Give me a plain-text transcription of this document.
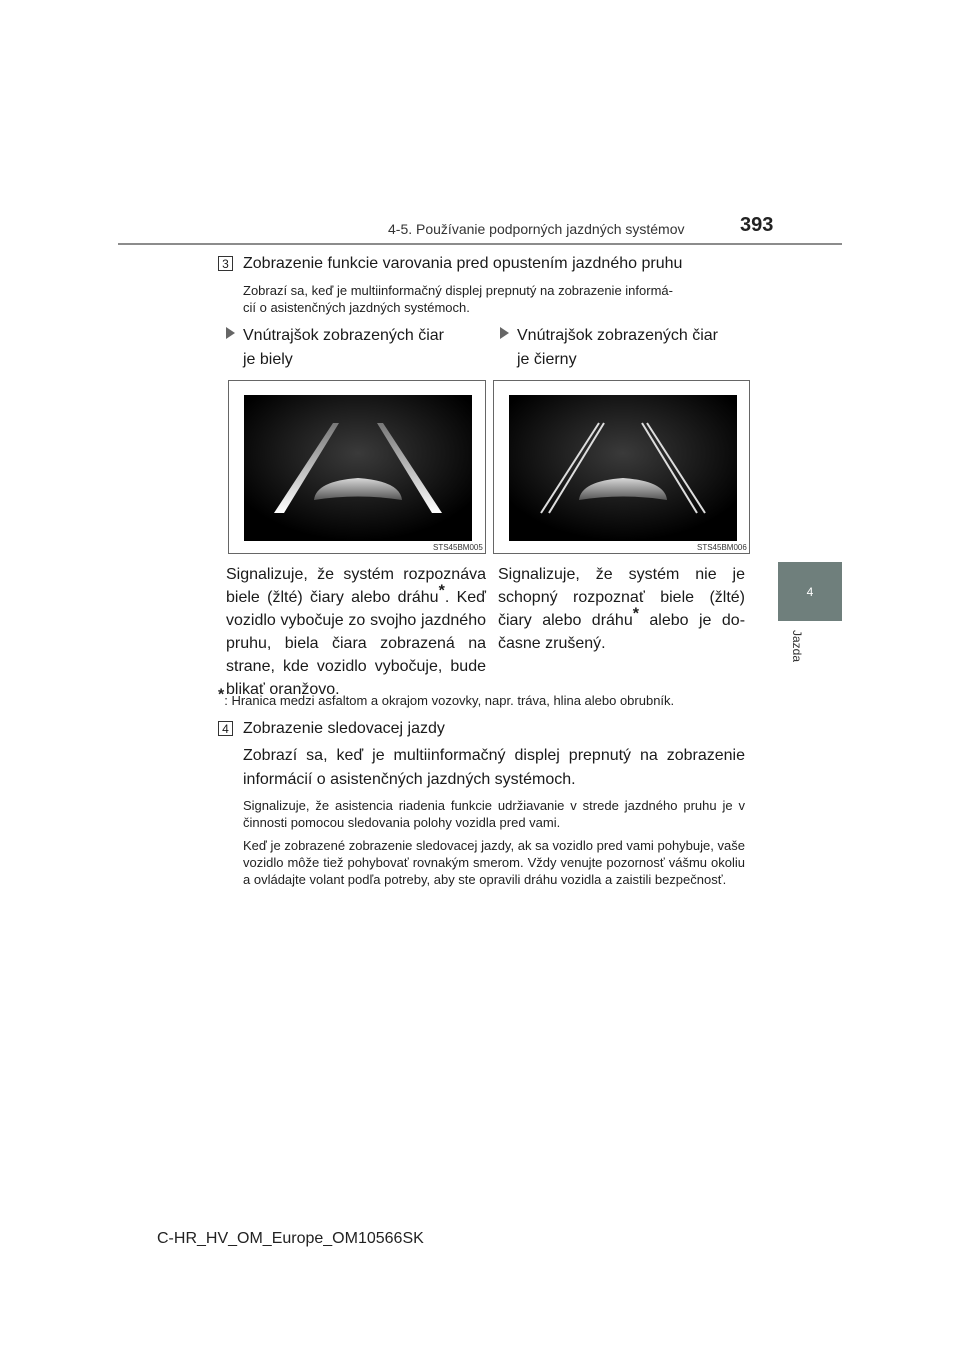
4-5. Používanie podporných jazdných systémov	393
4
Jazda
3 Zobrazenie funkcie varovania pred opustením jazdného pruhu
Zobrazí sa, keď je multiinformačný displej prepnutý na zobrazenie informá-
cií o asistenčných jazdných systémoch.
Vnútrajšok zobrazených čiar
je biely
Vnútrajšok zobrazených čiar
je čierny
STS45BM005	STS45BM006
Signalizuje, že systém rozpoznáva biele (žlté) čiary alebo dráhu*. Keď vozidlo vybočuje zo svojho jazdného pruhu, biela čiara zobrazená na strane, kde vozidlo vybočuje, bude blikať oranžovo.
Signalizuje, že systém nie je schopný rozpoznať biele (žlté) čiary alebo dráhu* alebo je dočasne zrušený.
*: Hranica medzi asfaltom a okrajom vozovky, napr. tráva, hlina alebo obrubník.
4 Zobrazenie sledovacej jazdy
Zobrazí sa, keď je multiinformačný displej prepnutý na zobrazenie informácií o asistenčných jazdných systémoch.
Signalizuje, že asistencia riadenia funkcie udržiavanie v strede jazdného pruhu je v činnosti pomocou sledovania polohy vozidla pred vami.
Keď je zobrazené zobrazenie sledovacej jazdy, ak sa vozidlo pred vami pohybuje, vaše vozidlo môže tiež pohybovať rovnakým smerom. Vždy venujte pozornosť vášmu okoliu a ovládajte volant podľa potreby, aby ste opravili dráhu vozidla a zaistili bezpečnosť.
C-HR_HV_OM_Europe_OM10566SK
